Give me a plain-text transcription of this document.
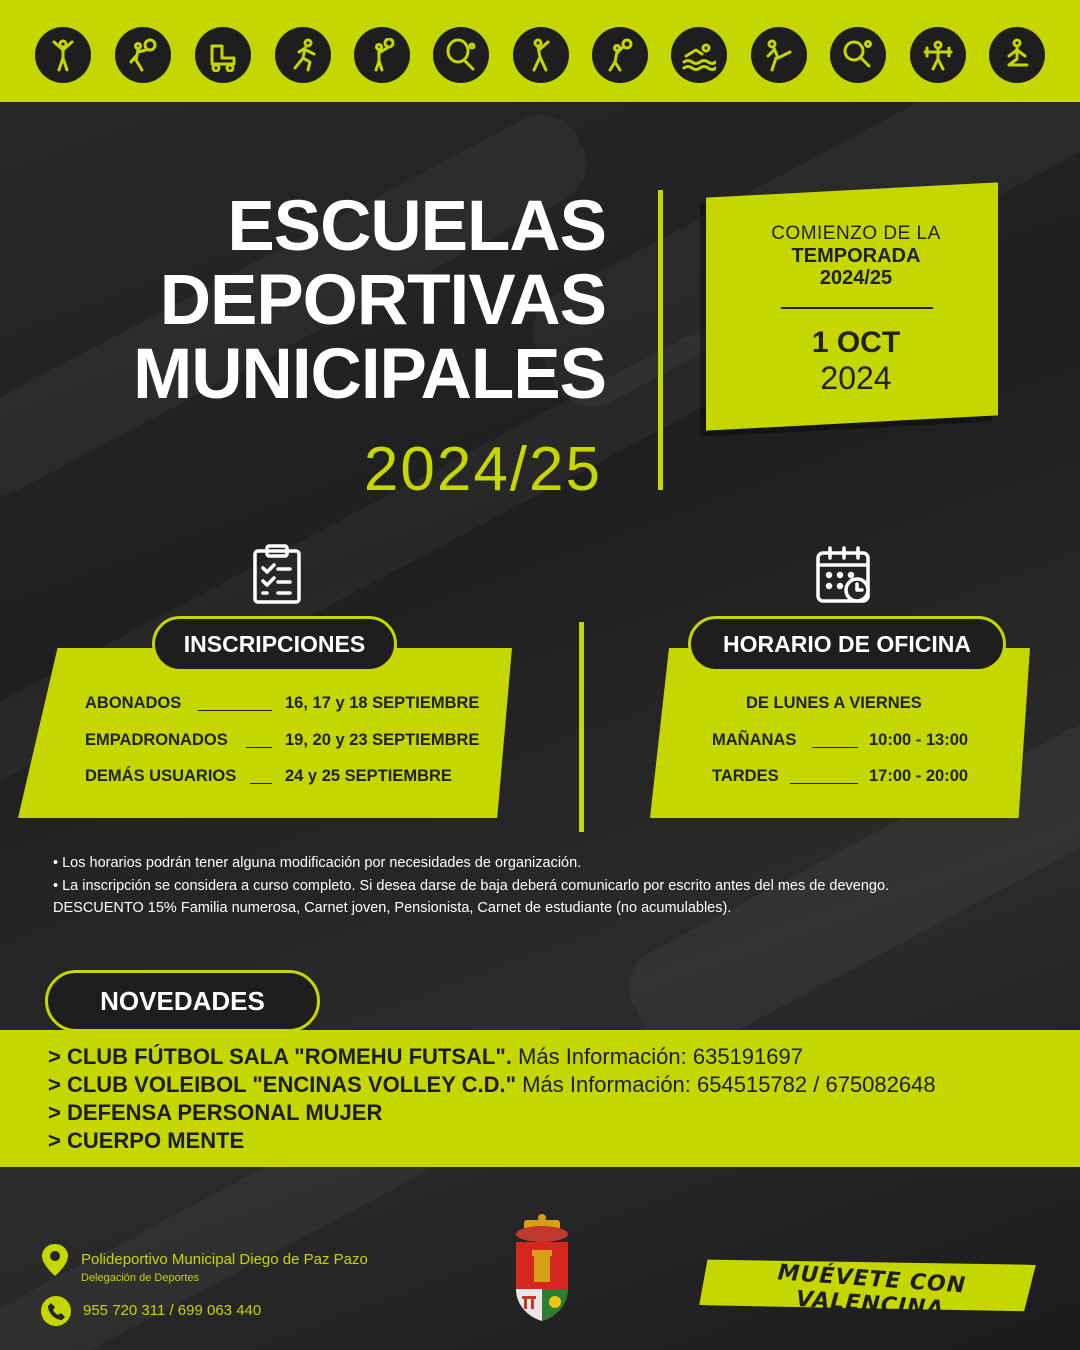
ESCUELAS
DEPORTIVAS
MUNICIPALES
2024/25
COMIENZO DE LA
TEMPORADA
2024/25
1 OCT
2024
INSCRIPCIONES
ABONADOS	16, 17 y 18 SEPTIEMBRE
EMPADRONADOS	19, 20 y 23 SEPTIEMBRE
DEMÁS USUARIOS	24 y 25 SEPTIEMBRE
HORARIO DE OFICINA
DE LUNES A VIERNES
MAÑANAS	10:00 - 13:00
TARDES	17:00 - 20:00
• Los horarios podrán tener alguna modificación por necesidades de organización.
• La inscripción se considera a curso completo. Si desea darse de baja deberá comunicarlo por escrito antes del mes de devengo.
DESCUENTO 15% Familia numerosa, Carnet joven, Pensionista, Carnet de estudiante (no acumulables).
NOVEDADES
> CLUB FÚTBOL SALA "ROMEHU FUTSAL". Más Información: 635191697
> CLUB VOLEIBOL "ENCINAS VOLLEY C.D." Más Información: 654515782 / 675082648
> DEFENSA PERSONAL MUJER
> CUERPO MENTE
Polideportivo Municipal Diego de Paz Pazo
Delegación de Deportes
955 720 311 / 699 063 440
MUÉVETE CON VALENCINA
